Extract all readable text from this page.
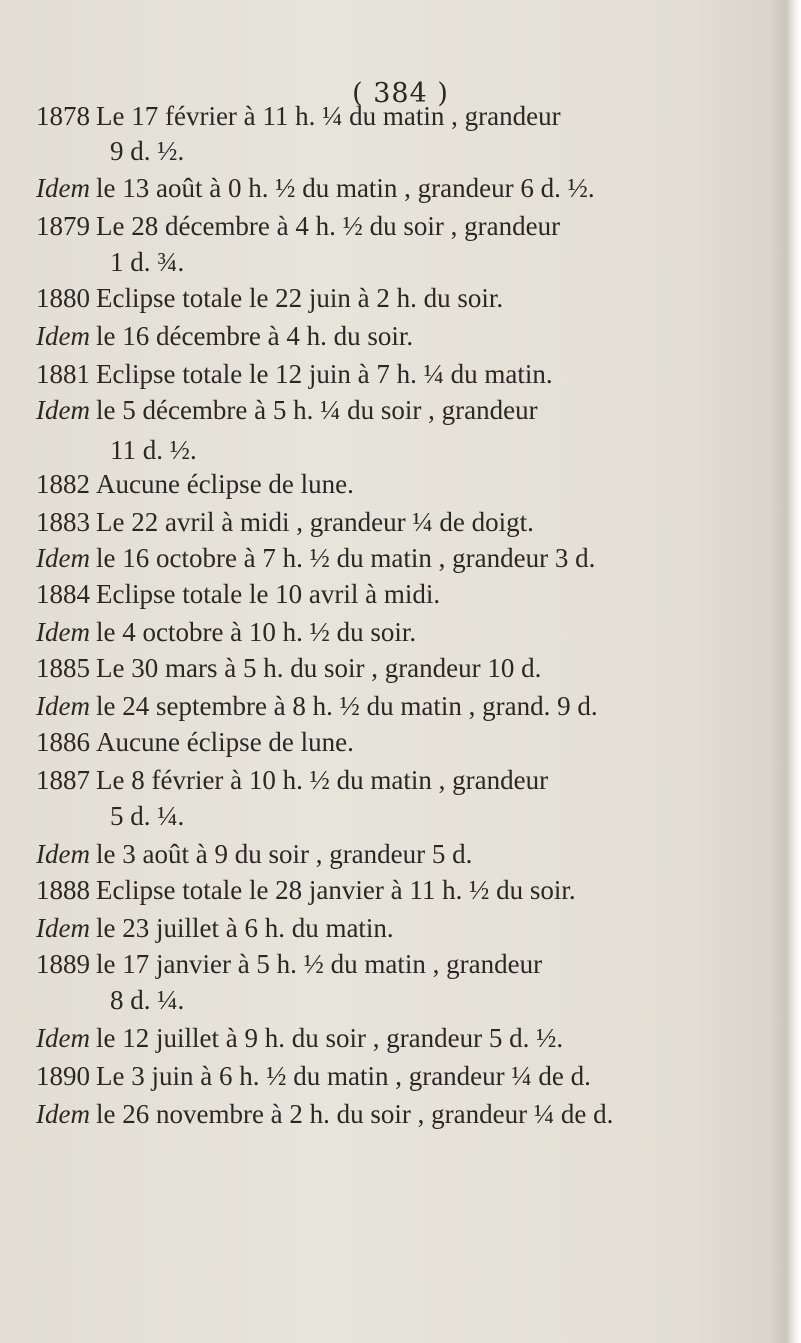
( 384 )
1878 Le 17 février à 11 h. ¼ du matin , grandeur
9 d. ½.
Idem le 13 août à 0 h. ½ du matin , grandeur 6 d. ½.
1879 Le 28 décembre à 4 h. ½ du soir , grandeur
1 d. ¾.
1880 Eclipse totale le 22 juin à 2 h. du soir.
Idem le 16 décembre à 4 h. du soir.
1881 Eclipse totale le 12 juin à 7 h. ¼ du matin.
Idem le 5 décembre à 5 h. ¼ du soir , grandeur
11 d. ½.
1882 Aucune éclipse de lune.
1883 Le 22 avril à midi , grandeur ¼ de doigt.
Idem le 16 octobre à 7 h. ½ du matin , grandeur 3 d.
1884 Eclipse totale le 10 avril à midi.
Idem le 4 octobre à 10 h. ½ du soir.
1885 Le 30 mars à 5 h. du soir , grandeur 10 d.
Idem le 24 septembre à 8 h. ½ du matin , grand. 9 d.
1886 Aucune éclipse de lune.
1887 Le 8 février à 10 h. ½ du matin , grandeur
5 d. ¼.
Idem le 3 août à 9 du soir , grandeur 5 d.
1888 Eclipse totale le 28 janvier à 11 h. ½ du soir.
Idem le 23 juillet à 6 h. du matin.
1889 le 17 janvier à 5 h. ½ du matin , grandeur
8 d. ¼.
Idem le 12 juillet à 9 h. du soir , grandeur 5 d. ½.
1890 Le 3 juin à 6 h. ½ du matin , grandeur ¼ de d.
Idem le 26 novembre à 2 h. du soir , grandeur ¼ de d.
